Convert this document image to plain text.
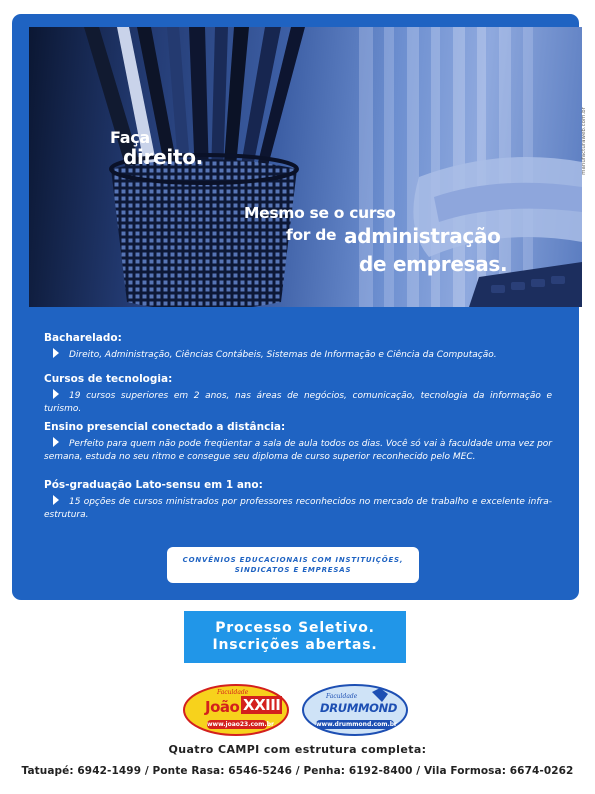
Faça
direito.
Mesmo se o curso
for de administração
de empresas.
manufacturaweb.com.br
Bacharelado:
Direito, Administração, Ciências Contábeis, Sistemas de Informação e Ciência da Computação.
Cursos de tecnologia:
19 cursos superiores em 2 anos, nas áreas de negócios, comunicação, tecnologia da informação e turismo.
Ensino presencial conectado a distância:
Perfeito para quem não pode freqüentar a sala de aula todos os dias. Você só vai à faculdade uma vez por semana, estuda no seu ritmo e consegue seu diploma de curso superior reconhecido pelo MEC.
Pós-graduação Lato-sensu em 1 ano:
15 opções de cursos ministrados por professores reconhecidos no mercado de trabalho e excelente infra-estrutura.
CONVÊNIOS EDUCACIONAIS COM INSTITUIÇÕES,
SINDICATOS E EMPRESAS
Processo Seletivo.
Inscrições abertas.
Faculdade
João XXIII
www.joao23.com.br
Faculdade
DRUMMOND
www.drummond.com.br
Quatro CAMPI com estrutura completa:
Tatuapé: 6942-1499 / Ponte Rasa: 6546-5246 / Penha: 6192-8400 / Vila Formosa: 6674-0262
